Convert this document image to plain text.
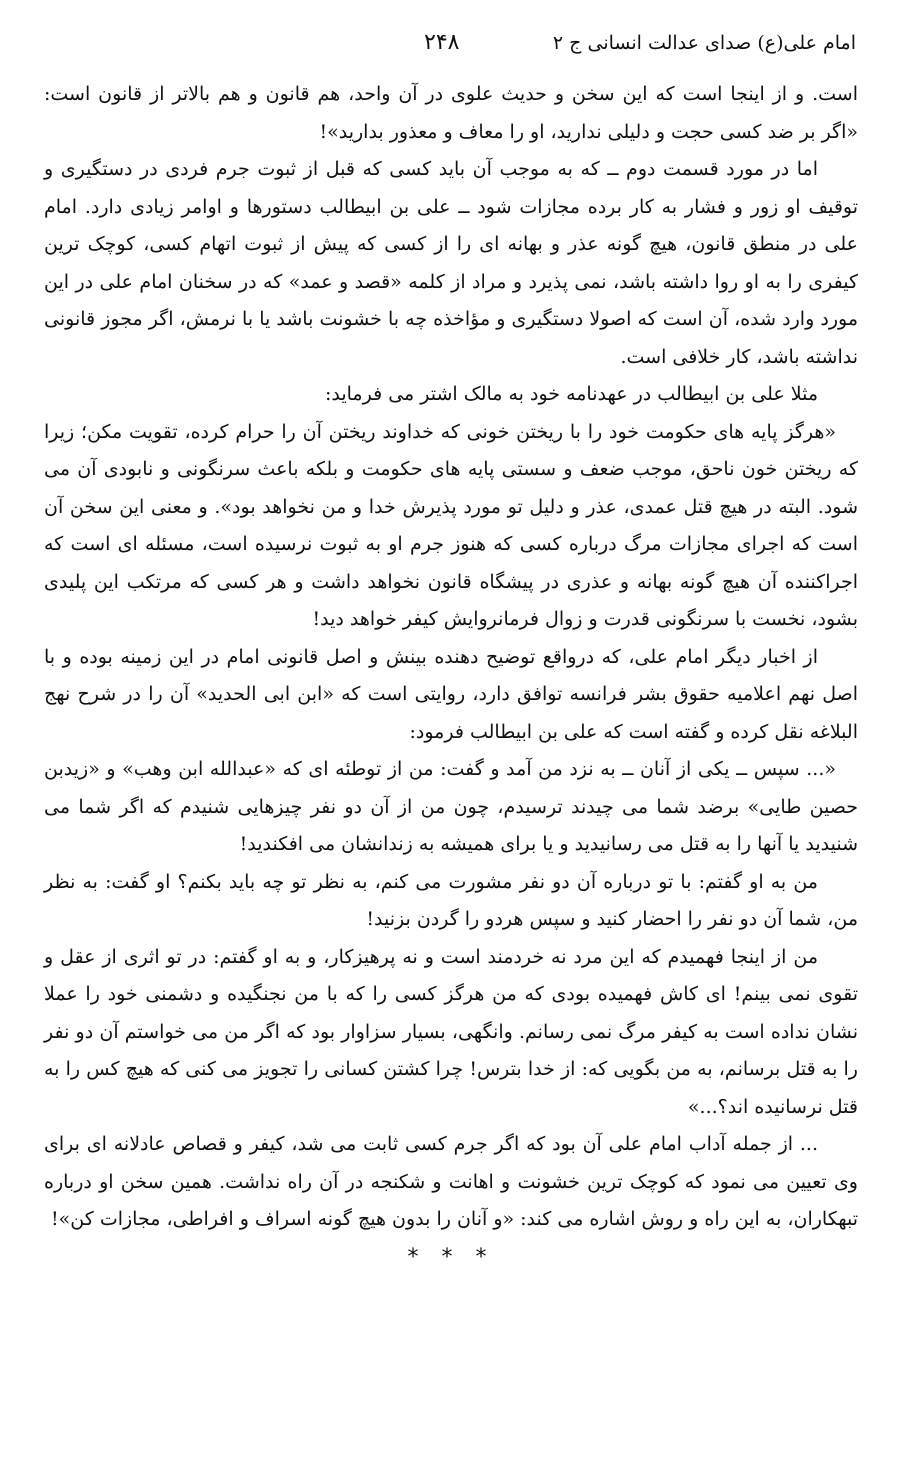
امام علی(ع) صدای عدالت انسانی ج ۲
۲۴۸

است. و از اینجا است که این سخن و حدیث علوی در آن واحد، هم قانون و هم بالاتر از قانون است: «اگر بر ضد کسی حجت و دلیلی ندارید، او را معاف و معذور بدارید»!

اما در مورد قسمت دوم ــ که به موجب آن باید کسی که قبل از ثبوت جرم فردی در دستگیری و توقیف او زور و فشار به کار برده مجازات شود ــ علی بن ابیطالب دستورها و اوامر زیادی دارد. امام علی در منطق قانون، هیچ گونه عذر و بهانه ای را از کسی که پیش از ثبوت اتهام کسی، کوچک ترین کیفری را به او روا داشته باشد، نمی پذیرد و مراد از کلمه «قصد و عمد» که در سخنان امام علی در این مورد وارد شده، آن است که اصولا دستگیری و مؤاخذه چه با خشونت باشد یا با نرمش، اگر مجوز قانونی نداشته باشد، کار خلافی است.

مثلا علی بن ابیطالب در عهدنامه خود به مالک اشتر می فرماید:

«هرگز پایه های حکومت خود را با ریختن خونی که خداوند ریختن آن را حرام کرده، تقویت مکن؛ زیرا که ریختن خون ناحق، موجب ضعف و سستی پایه های حکومت و بلکه باعث سرنگونی و نابودی آن می شود. البته در هیچ قتل عمدی، عذر و دلیل تو مورد پذیرش خدا و من نخواهد بود». و معنی این سخن آن است که اجرای مجازات مرگ درباره کسی که هنوز جرم او به ثبوت نرسیده است، مسئله ای است که اجراکننده آن هیچ گونه بهانه و عذری در پیشگاه قانون نخواهد داشت و هر کسی که مرتکب این پلیدی بشود، نخست با سرنگونی قدرت و زوال فرمانروایش کیفر خواهد دید!

از اخبار دیگر امام علی، که درواقع توضیح دهنده بینش و اصل قانونی امام در این زمینه بوده و با اصل نهم اعلامیه حقوق بشر فرانسه توافق دارد، روایتی است که «ابن ابی الحدید» آن را در شرح نهج البلاغه نقل کرده و گفته است که علی بن ابیطالب فرمود:

«... سپس ــ یکی از آنان ــ به نزد من آمد و گفت: من از توطئه ای که «عبدالله ابن وهب» و «زیدبن حصین طایی» برضد شما می چیدند ترسیدم، چون من از آن دو نفر چیزهایی شنیدم که اگر شما می شنیدید یا آنها را به قتل می رسانیدید و یا برای همیشه به زندانشان می افکندید!

من به او گفتم: با تو درباره آن دو نفر مشورت می کنم، به نظر تو چه باید بکنم؟ او گفت: به نظر من، شما آن دو نفر را احضار کنید و سپس هردو را گردن بزنید!

من از اینجا فهمیدم که این مرد نه خردمند است و نه پرهیزکار، و به او گفتم: در تو اثری از عقل و تقوی نمی بینم! ای کاش فهمیده بودی که من هرگز کسی را که با من نجنگیده و دشمنی خود را عملا نشان نداده است به کیفر مرگ نمی رسانم. وانگهی، بسیار سزاوار بود که اگر من می خواستم آن دو نفر را به قتل برسانم، به من بگویی که: از خدا بترس! چرا کشتن کسانی را تجویز می کنی که هیچ کس را به قتل نرسانیده اند؟...»

... از جمله آداب امام علی آن بود که اگر جرم کسی ثابت می شد، کیفر و قصاص عادلانه ای برای وی تعیین می نمود که کوچک ترین خشونت و اهانت و شکنجه در آن راه نداشت. همین سخن او درباره تبهکاران، به این راه و روش اشاره می کند: «و آنان را بدون هیچ گونه اسراف و افراطی، مجازات کن»!

* * *
